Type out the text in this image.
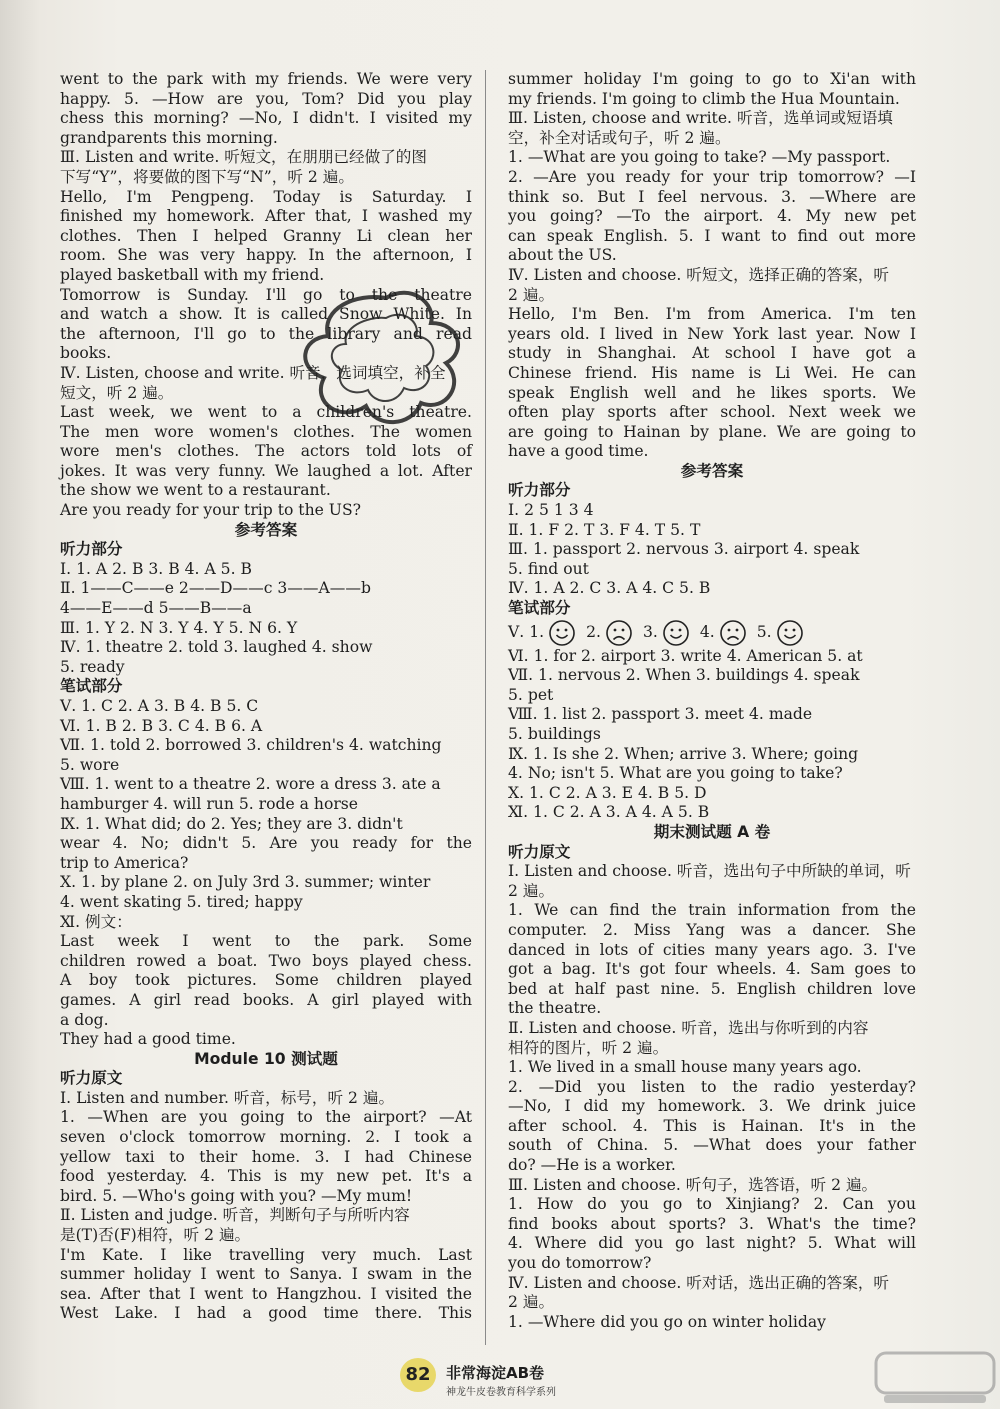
went to the park with my friends. We were very
happy. 5. —How are you, Tom? Did you play
chess this morning? —No, I didn't. I visited my
grandparents this morning.
Ⅲ. Listen and write. 听短文，在朋朋已经做了的图
下写“Y”，将要做的图下写“N”，听 2 遍。
Hello, I'm Pengpeng. Today is Saturday. I
finished my homework. After that, I washed my
clothes. Then I helped Granny Li clean her
room. She was very happy. In the afternoon, I
played basketball with my friend.
Tomorrow is Sunday. I'll go to the theatre
and watch a show. It is called Snow White. In
the afternoon, I'll go to the library and read
books.
Ⅳ. Listen, choose and write. 听音，选词填空，补全
短文，听 2 遍。
Last week, we went to a children's theatre.
The men wore women's clothes. The women
wore men's clothes. The actors told lots of
jokes. It was very funny. We laughed a lot. After
the show we went to a restaurant.
Are you ready for your trip to the US?
参考答案
听力部分
Ⅰ. 1. A 2. B 3. B 4. A 5. B
Ⅱ. 1——C——e 2——D——c 3——A——b
4——E——d 5——B——a
Ⅲ. 1. Y 2. N 3. Y 4. Y 5. N 6. Y
Ⅳ. 1. theatre 2. told 3. laughed 4. show
5. ready
笔试部分
Ⅴ. 1. C 2. A 3. B 4. B 5. C
Ⅵ. 1. B 2. B 3. C 4. B 6. A
Ⅶ. 1. told 2. borrowed 3. children's 4. watching
5. wore
Ⅷ. 1. went to a theatre 2. wore a dress 3. ate a
hamburger 4. will run 5. rode a horse
Ⅸ. 1. What did; do 2. Yes; they are 3. didn't
wear 4. No; didn't 5. Are you ready for the
trip to America?
Ⅹ. 1. by plane 2. on July 3rd 3. summer; winter
4. went skating 5. tired; happy
Ⅺ. 例文：
Last week I went to the park. Some
children rowed a boat. Two boys played chess.
A boy took pictures. Some children played
games. A girl read books. A girl played with
a dog.
They had a good time.
Module 10 测试题
听力原文
Ⅰ. Listen and number. 听音，标号，听 2 遍。
1. —When are you going to the airport? —At
seven o'clock tomorrow morning. 2. I took a
yellow taxi to their home. 3. I had Chinese
food yesterday. 4. This is my new pet. It's a
bird. 5. —Who's going with you? —My mum!
Ⅱ. Listen and judge. 听音，判断句子与所听内容
是(T)否(F)相符，听 2 遍。
I'm Kate. I like travelling very much. Last
summer holiday I went to Sanya. I swam in the
sea. After that I went to Hangzhou. I visited the
West Lake. I had a good time there. This
summer holiday I'm going to go to Xi'an with
my friends. I'm going to climb the Hua Mountain.
Ⅲ. Listen, choose and write. 听音，选单词或短语填
空，补全对话或句子，听 2 遍。
1. —What are you going to take? —My passport.
2. —Are you ready for your trip tomorrow? —I
think so. But I feel nervous. 3. —Where are
you going? —To the airport. 4. My new pet
can speak English. 5. I want to find out more
about the US.
Ⅳ. Listen and choose. 听短文，选择正确的答案，听
2 遍。
Hello, I'm Ben. I'm from America. I'm ten
years old. I lived in New York last year. Now I
study in Shanghai. At school I have got a
Chinese friend. His name is Li Wei. He can
speak English well and he likes sports. We
often play sports after school. Next week we
are going to Hainan by plane. We are going to
have a good time.
参考答案
听力部分
Ⅰ. 2 5 1 3 4
Ⅱ. 1. F 2. T 3. F 4. T 5. T
Ⅲ. 1. passport 2. nervous 3. airport 4. speak
5. find out
Ⅳ. 1. A 2. C 3. A 4. C 5. B
笔试部分
Ⅴ. 1.	2.	3.	4.	5.
Ⅵ. 1. for 2. airport 3. write 4. American 5. at
Ⅶ. 1. nervous 2. When 3. buildings 4. speak
5. pet
Ⅷ. 1. list 2. passport 3. meet 4. made
5. buildings
Ⅸ. 1. Is she 2. When; arrive 3. Where; going
4. No; isn't 5. What are you going to take?
Ⅹ. 1. C 2. A 3. E 4. B 5. D
Ⅺ. 1. C 2. A 3. A 4. A 5. B
期末测试题 A 卷
听力原文
Ⅰ. Listen and choose. 听音，选出句子中所缺的单词，听
2 遍。
1. We can find the train information from the
computer. 2. Miss Yang was a dancer. She
danced in lots of cities many years ago. 3. I've
got a bag. It's got four wheels. 4. Sam goes to
bed at half past nine. 5. English children love
the theatre.
Ⅱ. Listen and choose. 听音，选出与你听到的内容
相符的图片，听 2 遍。
1. We lived in a small house many years ago.
2. —Did you listen to the radio yesterday?
—No, I did my homework. 3. We drink juice
after school. 4. This is Hainan. It's in the
south of China. 5. —What does your father
do? —He is a worker.
Ⅲ. Listen and choose. 听句子，选答语，听 2 遍。
1. How do you go to Xinjiang? 2. Can you
find books about sports? 3. What's the time?
4. Where did you go last night? 5. What will
you do tomorrow?
Ⅳ. Listen and choose. 听对话，选出正确的答案，听
2 遍。
1. —Where did you go on winter holiday
82	非常海淀AB卷
神龙牛皮卷教育科学系列
